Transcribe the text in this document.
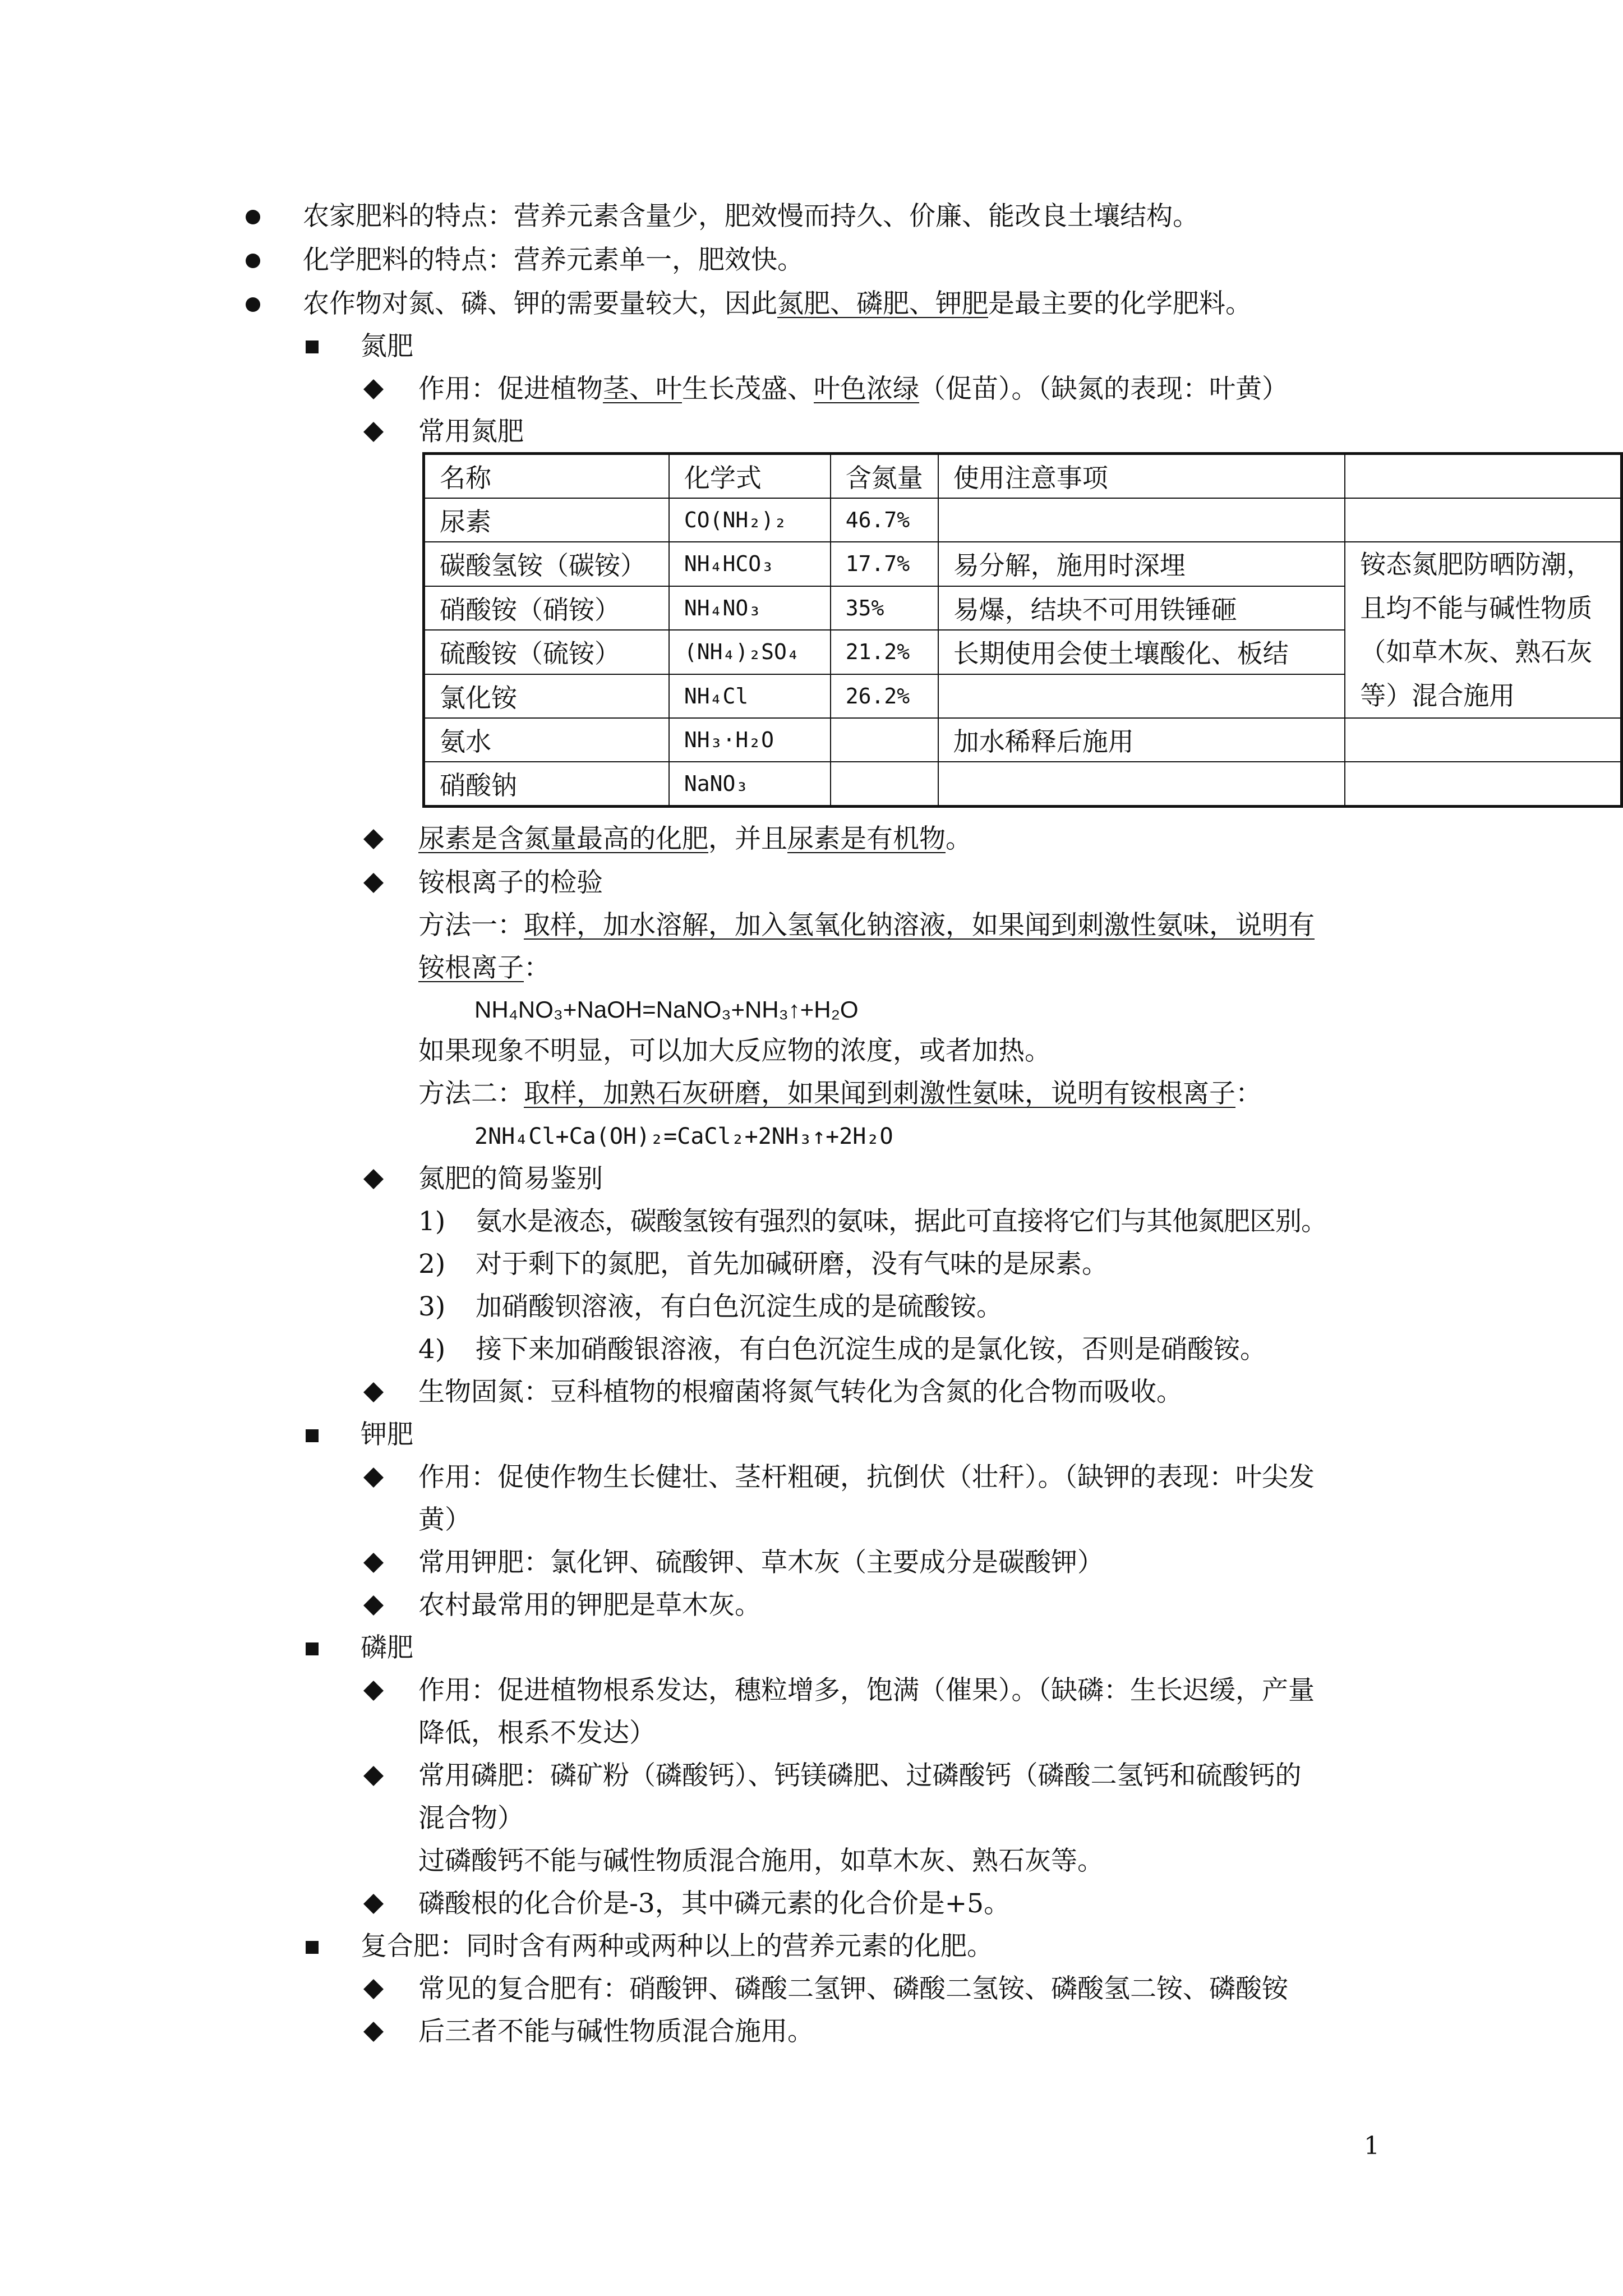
农家肥料的特点：营养元素含量少，肥效慢而持久、价廉、能改良土壤结构。
化学肥料的特点：营养元素单一，肥效快。
农作物对氮、磷、钾的需要量较大，因此氮肥、磷肥、钾肥是最主要的化学肥料。
氮肥
作用：促进植物茎、叶生长茂盛、叶色浓绿（促苗）。（缺氮的表现：叶黄）
常用氮肥
名称	化学式	含氮量	使用注意事项	
尿素	CO(NH₂)₂	46.7%		
碳酸氢铵（碳铵）	NH₄HCO₃	17.7%	易分解，施用时深埋	铵态氮肥防晒防潮，且均不能与碱性物质（如草木灰、熟石灰等）混合施用
硝酸铵（硝铵）	NH₄NO₃	35%	易爆，结块不可用铁锤砸	
硫酸铵（硫铵）	(NH₄)₂SO₄	21.2%	长期使用会使土壤酸化、板结	
氯化铵	NH₄Cl	26.2%		
氨水	NH₃·H₂O		加水稀释后施用	
硝酸钠	NaNO₃			
尿素是含氮量最高的化肥，并且尿素是有机物。
铵根离子的检验
方法一：取样，加水溶解，加入氢氧化钠溶液，如果闻到刺激性氨味，说明有
铵根离子：
NH₄NO₃+NaOH=NaNO₃+NH₃↑+H₂O
如果现象不明显，可以加大反应物的浓度，或者加热。
方法二：取样，加熟石灰研磨，如果闻到刺激性氨味，说明有铵根离子：
2NH₄Cl+Ca(OH)₂=CaCl₂+2NH₃↑+2H₂O
氮肥的简易鉴别
1) 氨水是液态，碳酸氢铵有强烈的氨味，据此可直接将它们与其他氮肥区别。
2) 对于剩下的氮肥，首先加碱研磨，没有气味的是尿素。
3) 加硝酸钡溶液，有白色沉淀生成的是硫酸铵。
4) 接下来加硝酸银溶液，有白色沉淀生成的是氯化铵，否则是硝酸铵。
生物固氮：豆科植物的根瘤菌将氮气转化为含氮的化合物而吸收。
钾肥
作用：促使作物生长健壮、茎杆粗硬，抗倒伏（壮秆）。（缺钾的表现：叶尖发
黄）
常用钾肥：氯化钾、硫酸钾、草木灰（主要成分是碳酸钾）
农村最常用的钾肥是草木灰。
磷肥
作用：促进植物根系发达，穗粒增多，饱满（催果）。（缺磷：生长迟缓，产量
降低，根系不发达）
常用磷肥：磷矿粉（磷酸钙）、钙镁磷肥、过磷酸钙（磷酸二氢钙和硫酸钙的
混合物）
过磷酸钙不能与碱性物质混合施用，如草木灰、熟石灰等。
磷酸根的化合价是-3，其中磷元素的化合价是+5。
复合肥：同时含有两种或两种以上的营养元素的化肥。
常见的复合肥有：硝酸钾、磷酸二氢钾、磷酸二氢铵、磷酸氢二铵、磷酸铵
后三者不能与碱性物质混合施用。
1
